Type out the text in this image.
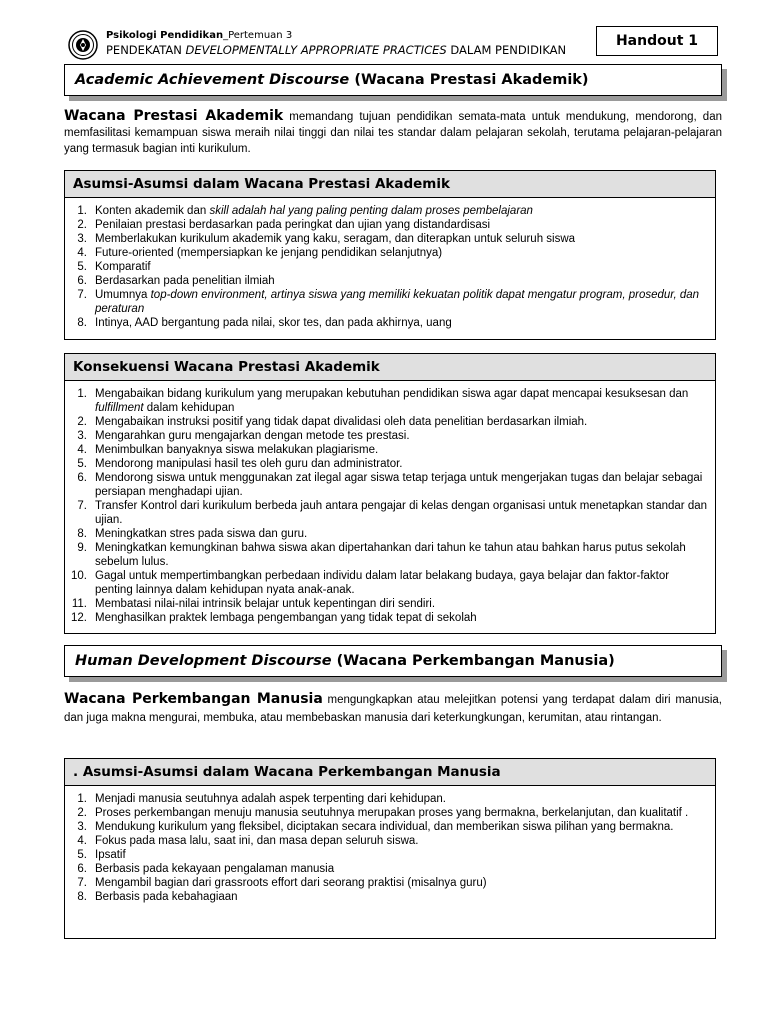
Psikologi Pendidikan_Pertemuan 3
PENDEKATAN DEVELOPMENTALLY APPROPRIATE PRACTICES DALAM PENDIDIKAN
Handout 1
Academic Achievement Discourse (Wacana Prestasi Akademik)
Wacana Prestasi Akademik memandang tujuan pendidikan semata-mata untuk mendukung, mendorong, dan memfasilitasi kemampuan siswa meraih nilai tinggi dan nilai tes standar dalam pelajaran sekolah, terutama pelajaran-pelajaran yang termasuk bagian inti kurikulum.
Asumsi-Asumsi dalam Wacana Prestasi Akademik
1. Konten akademik dan skill adalah hal yang paling penting dalam proses pembelajaran
2. Penilaian prestasi berdasarkan pada peringkat dan ujian yang distandardisasi
3. Memberlakukan kurikulum akademik yang kaku, seragam, dan diterapkan untuk seluruh siswa
4. Future-oriented (mempersiapkan ke jenjang pendidikan selanjutnya)
5. Komparatif
6. Berdasarkan pada penelitian ilmiah
7. Umumnya top-down environment, artinya siswa yang memiliki kekuatan politik dapat mengatur program, prosedur, dan peraturan
8. Intinya, AAD bergantung pada nilai, skor tes, dan pada akhirnya, uang
Konsekuensi Wacana Prestasi Akademik
1. Mengabaikan bidang kurikulum yang merupakan kebutuhan pendidikan siswa agar dapat mencapai kesuksesan dan fulfillment dalam kehidupan
2. Mengabaikan instruksi positif yang tidak dapat divalidasi oleh data penelitian berdasarkan ilmiah.
3. Mengarahkan guru mengajarkan dengan metode tes prestasi.
4. Menimbulkan banyaknya siswa melakukan plagiarisme.
5. Mendorong manipulasi hasil tes oleh guru dan administrator.
6. Mendorong siswa untuk menggunakan zat ilegal agar siswa tetap terjaga untuk mengerjakan tugas dan belajar sebagai persiapan menghadapi ujian.
7. Transfer Kontrol dari kurikulum berbeda jauh antara pengajar di kelas dengan organisasi untuk menetapkan standar dan ujian.
8. Meningkatkan stres pada siswa dan guru.
9. Meningkatkan kemungkinan bahwa siswa akan dipertahankan dari tahun ke tahun atau bahkan harus putus sekolah sebelum lulus.
10. Gagal untuk mempertimbangkan perbedaan individu dalam latar belakang budaya, gaya belajar dan faktor-faktor penting lainnya dalam kehidupan nyata anak-anak.
11. Membatasi nilai-nilai intrinsik belajar untuk kepentingan diri sendiri.
12. Menghasilkan praktek lembaga pengembangan yang tidak tepat di sekolah
Human Development Discourse (Wacana Perkembangan Manusia)
Wacana Perkembangan Manusia mengungkapkan atau melejitkan potensi yang terdapat dalam diri manusia, dan juga makna mengurai, membuka, atau membebaskan manusia dari keterkungkungan, kerumitan, atau rintangan.
. Asumsi-Asumsi dalam Wacana Perkembangan Manusia
1. Menjadi manusia seutuhnya adalah aspek terpenting dari kehidupan.
2. Proses perkembangan menuju manusia seutuhnya merupakan proses yang bermakna, berkelanjutan, dan kualitatif .
3. Mendukung kurikulum yang fleksibel, diciptakan secara individual, dan memberikan siswa pilihan yang bermakna.
4. Fokus pada masa lalu, saat ini, dan masa depan seluruh siswa.
5. Ipsatif
6. Berbasis pada kekayaan pengalaman manusia
7. Mengambil bagian dari grassroots effort dari seorang praktisi (misalnya guru)
8. Berbasis pada kebahagiaan
